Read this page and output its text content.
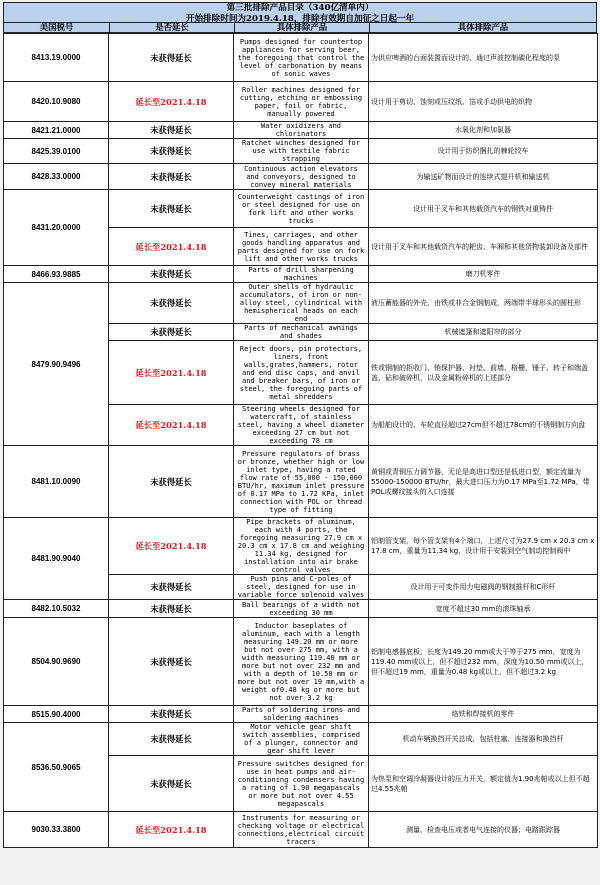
第三批排除产品目录（340亿清单内）
开始排除时间为2019.4.18，排除有效期自加征之日起一年
美国税号	是否延长	具体排除产品	具体排除产品
8413.19.0000	未获得延长	Pumps designed for countertop appliances for serving beer, the foregoing that control the level of carbonation by means of sonic waves	为供应啤酒的台面装置而设计的、通过声波控制碳化程度的泵
8420.10.9080	延长至2021.4.18	Roller machines designed for cutting, etching or embossing paper, foil or fabric, manually powered	设计用于剪切、蚀刻或压纹纸、箔或手动供电的织物
8421.21.0000	未获得延长	Water oxidizers and chlorinators	水氧化剂和加氯器
8425.39.0100	未获得延长	Ratchet winches designed for use with textile fabric strapping	设计用于纺织捆扎的棘轮绞车
8428.33.0000	未获得延长	Continuous action elevators and conveyors, designed to convey mineral materials	为输送矿物而设计的连续式提升机和输送机
8431.20.0000	未获得延长	Counterweight castings of iron or steel designed for use on fork lift and other works trucks	设计用于叉车和其他载货汽车的钢铁对重铸件
	延长至2021.4.18	Tines, carriages, and other goods handling apparatus and parts designed for use on fork lift and other works trucks	设计用于叉车和其他载货汽车的耙齿、车厢和其他货物装卸设备及部件
8466.93.9885	未获得延长	Parts of drill sharpening machines	磨刀机零件
8479.90.9496	未获得延长	Outer shells of hydraulic accumulators, of iron or non-alloy steel, cylindrical with hemispherical heads on each end	液压蓄能器的外壳，由铁或非合金钢制成，两端带半球形头的圆柱形
	未获得延长	Parts of mechanical awnings and shades	机械遮篷和遮阳帘的部分
	延长至2021.4.18	Reject doors, pin protectors, liners, front walls,grates,hammers, rotor and end disc caps, and anvil and breaker bars, of iron or steel, the foregoing parts of metal shredders	铁或钢制的拒收门、销保护器、衬垫、前墙、格栅、锤子、转子和端盖盖、砧和破碎机，以及金属粉碎机的上述部分
	延长至2021.4.18	Steering wheels designed for watercraft, of stainless steel, having a wheel diameter exceeding 27 cm but not exceeding 78 cm	为船舶设计的、车轮直径超过27cm但不超过78cm的不锈钢制方向盘
8481.10.0090	未获得延长	Pressure regulators of brass or bronze, whether high or low inlet type, having a rated flow rate of 55,000 - 150,000 BTU/hr, maximum inlet pressure of 0.17 MPa to 1.72 KPa, inlet connection with POL or thread type of fitting	黄铜或青铜压力调节器，无论是高进口型还是低进口型，额定流量为55000-150000 BTU/hr，最大进口压力为0.17 MPa至1.72 MPa，带POL或螺纹接头的入口连接
8481.90.9040	延长至2021.4.18	Pipe brackets of aluminum, each with 4 ports, the foregoing measuring 27.9 cm x 20.3 cm x 17.8 cm and weighing 11.34 kg, designed for installation into air brake control valves	铝制管支架，每个管支架有4个端口，上述尺寸为27.9 cm x 20.3 cm x 17.8 cm，重量为11.34 kg，设计用于安装到空气制动控制阀中
	未获得延长	Push pins and C-poles of steel, designed for use in variable force solenoid valves	设计用于可变作用力电磁阀的钢制推杆和C形杆
8482.10.5032	未获得延长	Ball bearings of a width not exceeding 30 mm	宽度不超过30 mm的滚珠轴承
8504.90.9690	未获得延长	Inductor baseplates of aluminum, each with a length measuring 149.20 mm or more but not over 275 mm, with a width measuring 119.40 mm or more but not over 232 mm and with a depth of 10.50 mm or more but not over 19 mm,with a weight of0.48 kg or more but not over 3.2 kg	铝制电感器底板，长度为149.20 mm或大于等于275 mm，宽度为119.40 mm或以上，但不超过232 mm，深度为10.50 mm或以上，但不超过19 mm，重量为0.48 kg或以上，但不超过3.2 kg
8515.90.4000	未获得延长	Parts of soldering irons and soldering machines	烙铁和焊接机的零件
8536.50.9065	未获得延长	Motor vehicle gear shift switch assemblies, comprised of a plunger, connector and gear shift lever	机动车辆换挡开关总成，包括柱塞、连接器和换挡杆
	未获得延长	Pressure switches designed for use in heat pumps and air-conditioning condensers having a rating of 1.90 megapascals or more but not over 4.55 megapascals	为热泵和空调冷凝器设计的压力开关，额定值为1.90兆帕或以上但不超过4.55兆帕
9030.33.3800	延长至2021.4.18	Instruments for measuring or checking voltage or electrical connections,electrical circuit tracers	测量、检查电压或者电气连接的仪器；电路跟踪器
